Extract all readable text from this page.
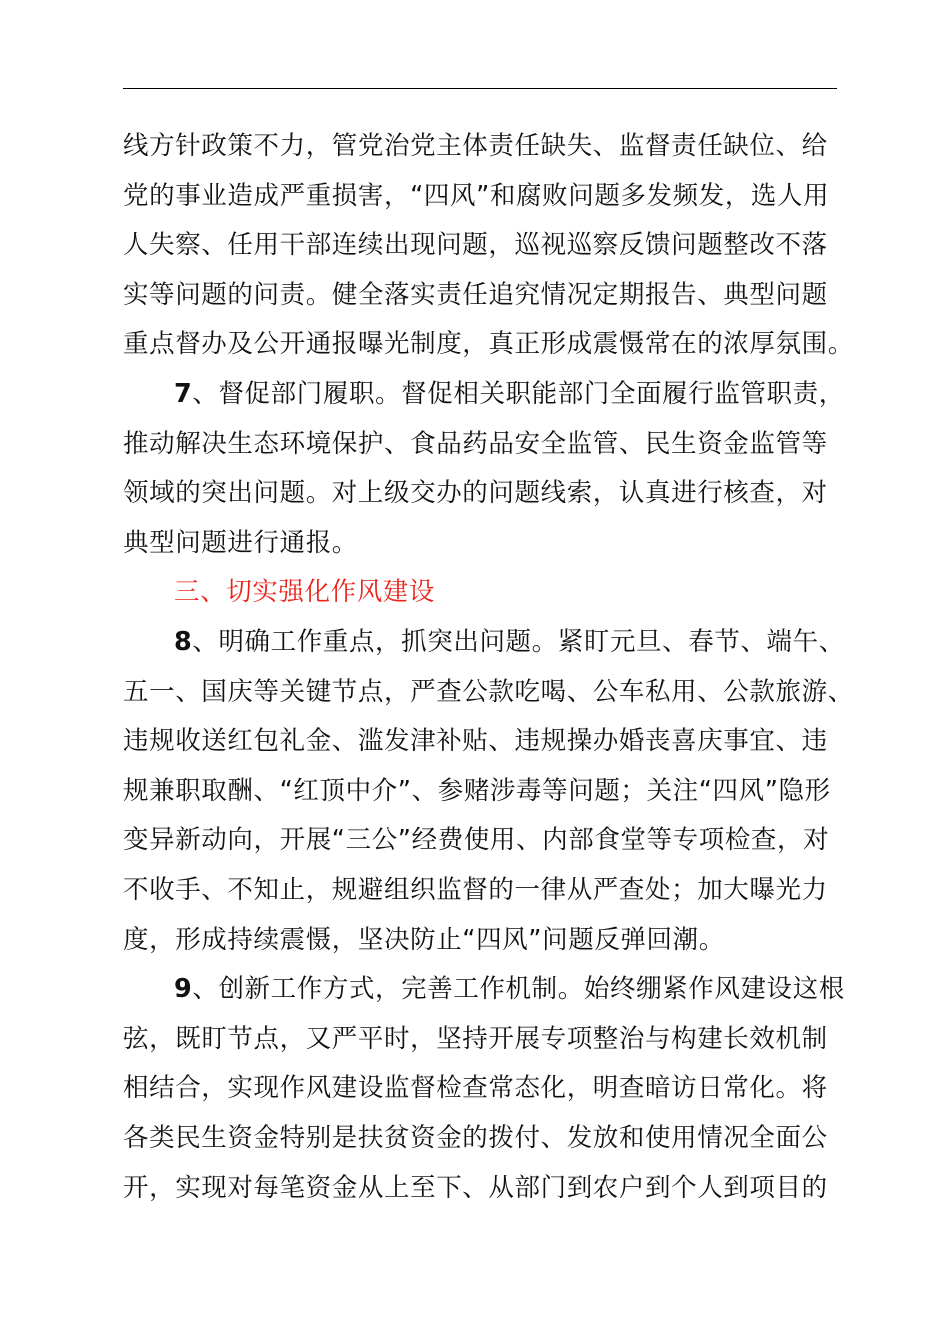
线方针政策不力，管党治党主体责任缺失、监督责任缺位、给
党的事业造成严重损害，“四风”和腐败问题多发频发，选人用
人失察、任用干部连续出现问题，巡视巡察反馈问题整改不落
实等问题的问责。健全落实责任追究情况定期报告、典型问题
重点督办及公开通报曝光制度，真正形成震慑常在的浓厚氛围。
7、督促部门履职。督促相关职能部门全面履行监管职责，
推动解决生态环境保护、食品药品安全监管、民生资金监管等
领域的突出问题。对上级交办的问题线索，认真进行核查，对
典型问题进行通报。
三、切实强化作风建设
8、明确工作重点，抓突出问题。紧盯元旦、春节、端午、
五一、国庆等关键节点，严查公款吃喝、公车私用、公款旅游、
违规收送红包礼金、滥发津补贴、违规操办婚丧喜庆事宜、违
规兼职取酬、“红顶中介”、参赌涉毒等问题；关注“四风”隐形
变异新动向，开展“三公”经费使用、内部食堂等专项检查，对
不收手、不知止，规避组织监督的一律从严查处；加大曝光力
度，形成持续震慑，坚决防止“四风”问题反弹回潮。
9、创新工作方式，完善工作机制。始终绷紧作风建设这根
弦，既盯节点，又严平时，坚持开展专项整治与构建长效机制
相结合，实现作风建设监督检查常态化，明查暗访日常化。将
各类民生资金特别是扶贫资金的拨付、发放和使用情况全面公
开，实现对每笔资金从上至下、从部门到农户到个人到项目的
